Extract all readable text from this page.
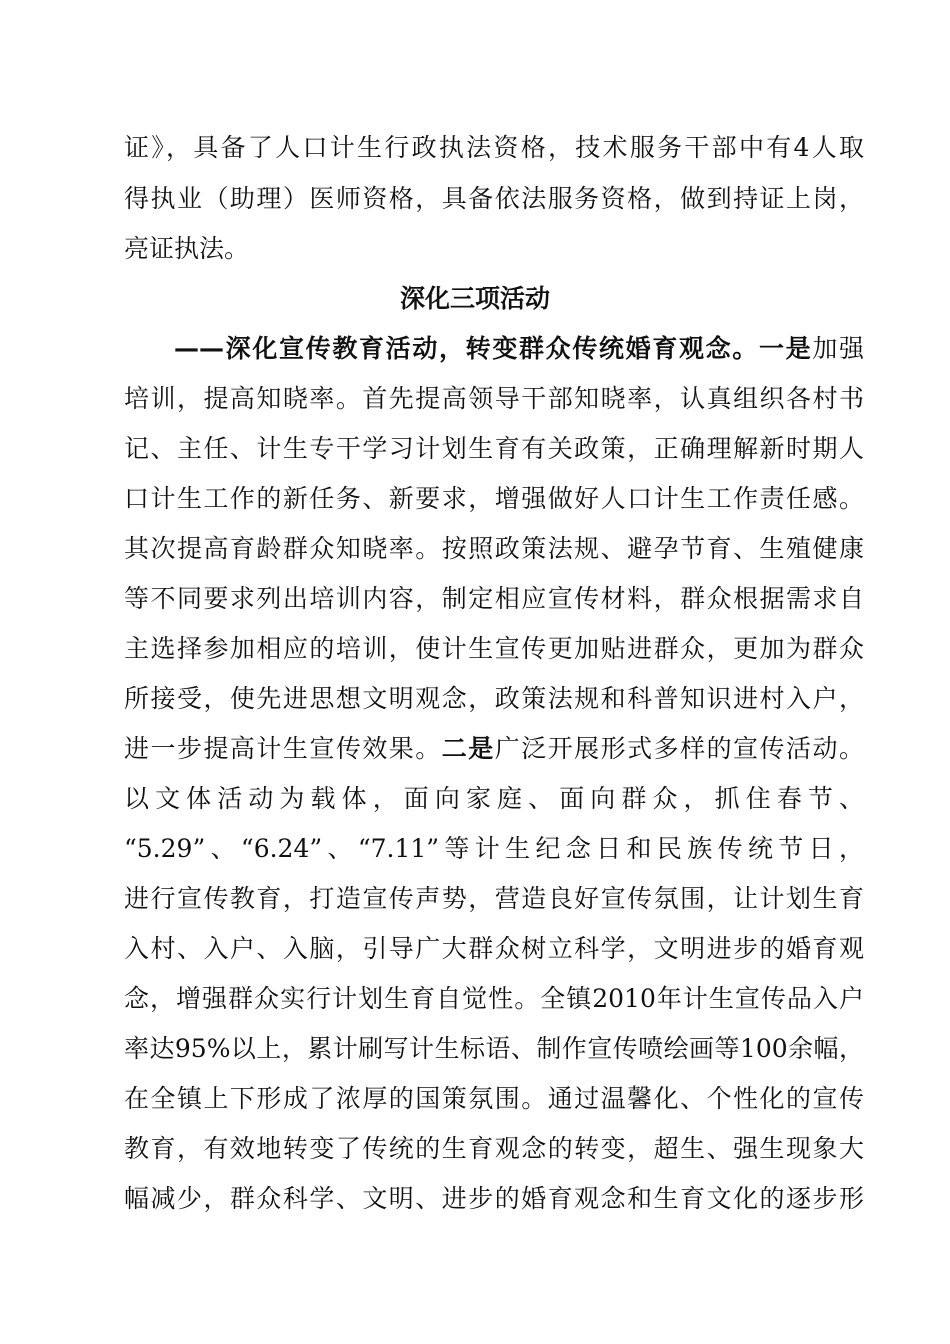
证》，具备了人口计生行政执法资格，技术服务干部中有4人取
得执业（助理）医师资格，具备依法服务资格，做到持证上岗，
亮证执法。
深化三项活动
——深化宣传教育活动，转变群众传统婚育观念。一是加强
培训，提高知晓率。首先提高领导干部知晓率，认真组织各村书
记、主任、计生专干学习计划生育有关政策，正确理解新时期人
口计生工作的新任务、新要求，增强做好人口计生工作责任感。
其次提高育龄群众知晓率。按照政策法规、避孕节育、生殖健康
等不同要求列出培训内容，制定相应宣传材料，群众根据需求自
主选择参加相应的培训，使计生宣传更加贴进群众，更加为群众
所接受，使先进思想文明观念，政策法规和科普知识进村入户，
进一步提高计生宣传效果。二是广泛开展形式多样的宣传活动。
以文体活动为载体，面向家庭、面向群众，抓住春节、
“5.29”、“6.24”、“7.11”等计生纪念日和民族传统节日，
进行宣传教育，打造宣传声势，营造良好宣传氛围，让计划生育
入村、入户、入脑，引导广大群众树立科学，文明进步的婚育观
念，增强群众实行计划生育自觉性。全镇2010年计生宣传品入户
率达95%以上，累计刷写计生标语、制作宣传喷绘画等100余幅，
在全镇上下形成了浓厚的国策氛围。通过温馨化、个性化的宣传
教育，有效地转变了传统的生育观念的转变，超生、强生现象大
幅减少，群众科学、文明、进步的婚育观念和生育文化的逐步形
